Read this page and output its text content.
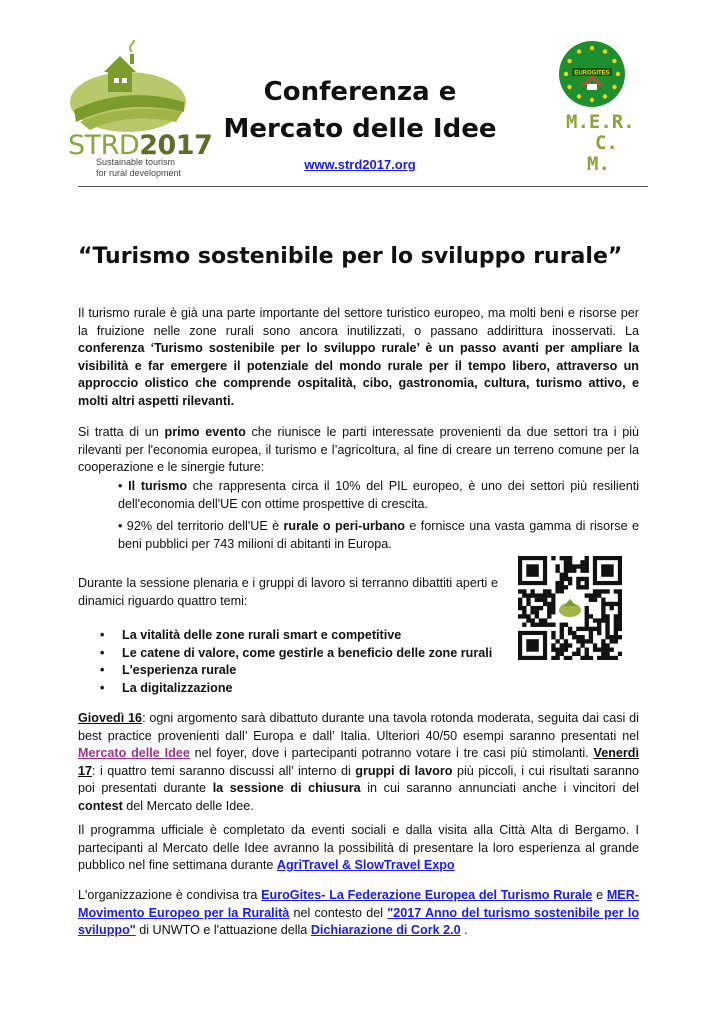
STRD2017
Sustainable tourism
for rural development
Conferenza e
Mercato delle Idee
www.strd2017.org
EUROGITES
M.E.R.
C.
M.
“Turismo sostenibile per lo sviluppo rurale”
Il turismo rurale è già una parte importante del settore turistico europeo, ma molti beni e risorse per la fruizione nelle zone rurali sono ancora inutilizzati, o passano addirittura inosservati. La conferenza ‘Turismo sostenibile per lo sviluppo rurale’ è un passo avanti per ampliare la visibilità e far emergere il potenziale del mondo rurale per il tempo libero, attraverso un approccio olistico che comprende ospitalità, cibo, gastronomia, cultura, turismo attivo, e molti altri aspetti rilevanti.
Si tratta di un primo evento che riunisce le parti interessate provenienti da due settori tra i più rilevanti per l'economia europea, il turismo e l’agricoltura, al fine di creare un terreno comune per la cooperazione e le sinergie future:
• Il turismo che rappresenta circa il 10% del PIL europeo, è uno dei settori più resilienti dell'economia dell'UE con ottime prospettive di crescita.
• 92% del territorio dell'UE è rurale o peri-urbano e fornisce una vasta gamma di risorse e beni pubblici per 743 milioni di abitanti in Europa.
Durante la sessione plenaria e i gruppi di lavoro si terranno dibattiti aperti e dinamici riguardo quattro temi:
• La vitalità delle zone rurali smart e competitive
• Le catene di valore, come gestirle a beneficio delle zone rurali
• L'esperienza rurale
• La digitalizzazione
Giovedì 16: ogni argomento sarà dibattuto durante una tavola rotonda moderata, seguita dai casi di best practice provenienti dall’ Europa e dall’ Italia. Ulteriori 40/50 esempi saranno presentati nel Mercato delle Idee nel foyer, dove i partecipanti potranno votare i tre casi più stimolanti. Venerdì 17: i quattro temi saranno discussi all’ interno di gruppi di lavoro più piccoli, i cui risultati saranno poi presentati durante la sessione di chiusura in cui saranno annunciati anche i vincitori del contest del Mercato delle Idee.
Il programma ufficiale è completato da eventi sociali e dalla visita alla Città Alta di Bergamo. I partecipanti al Mercato delle Idee avranno la possibilità di presentare la loro esperienza al grande pubblico nel fine settimana durante AgriTravel & SlowTravel Expo
L'organizzazione è condivisa tra EuroGites- La Federazione Europea del Turismo Rurale e MER-Movimento Europeo per la Ruralità nel contesto del "2017 Anno del turismo sostenibile per lo sviluppo" di UNWTO e l'attuazione della Dichiarazione di Cork 2.0 .
